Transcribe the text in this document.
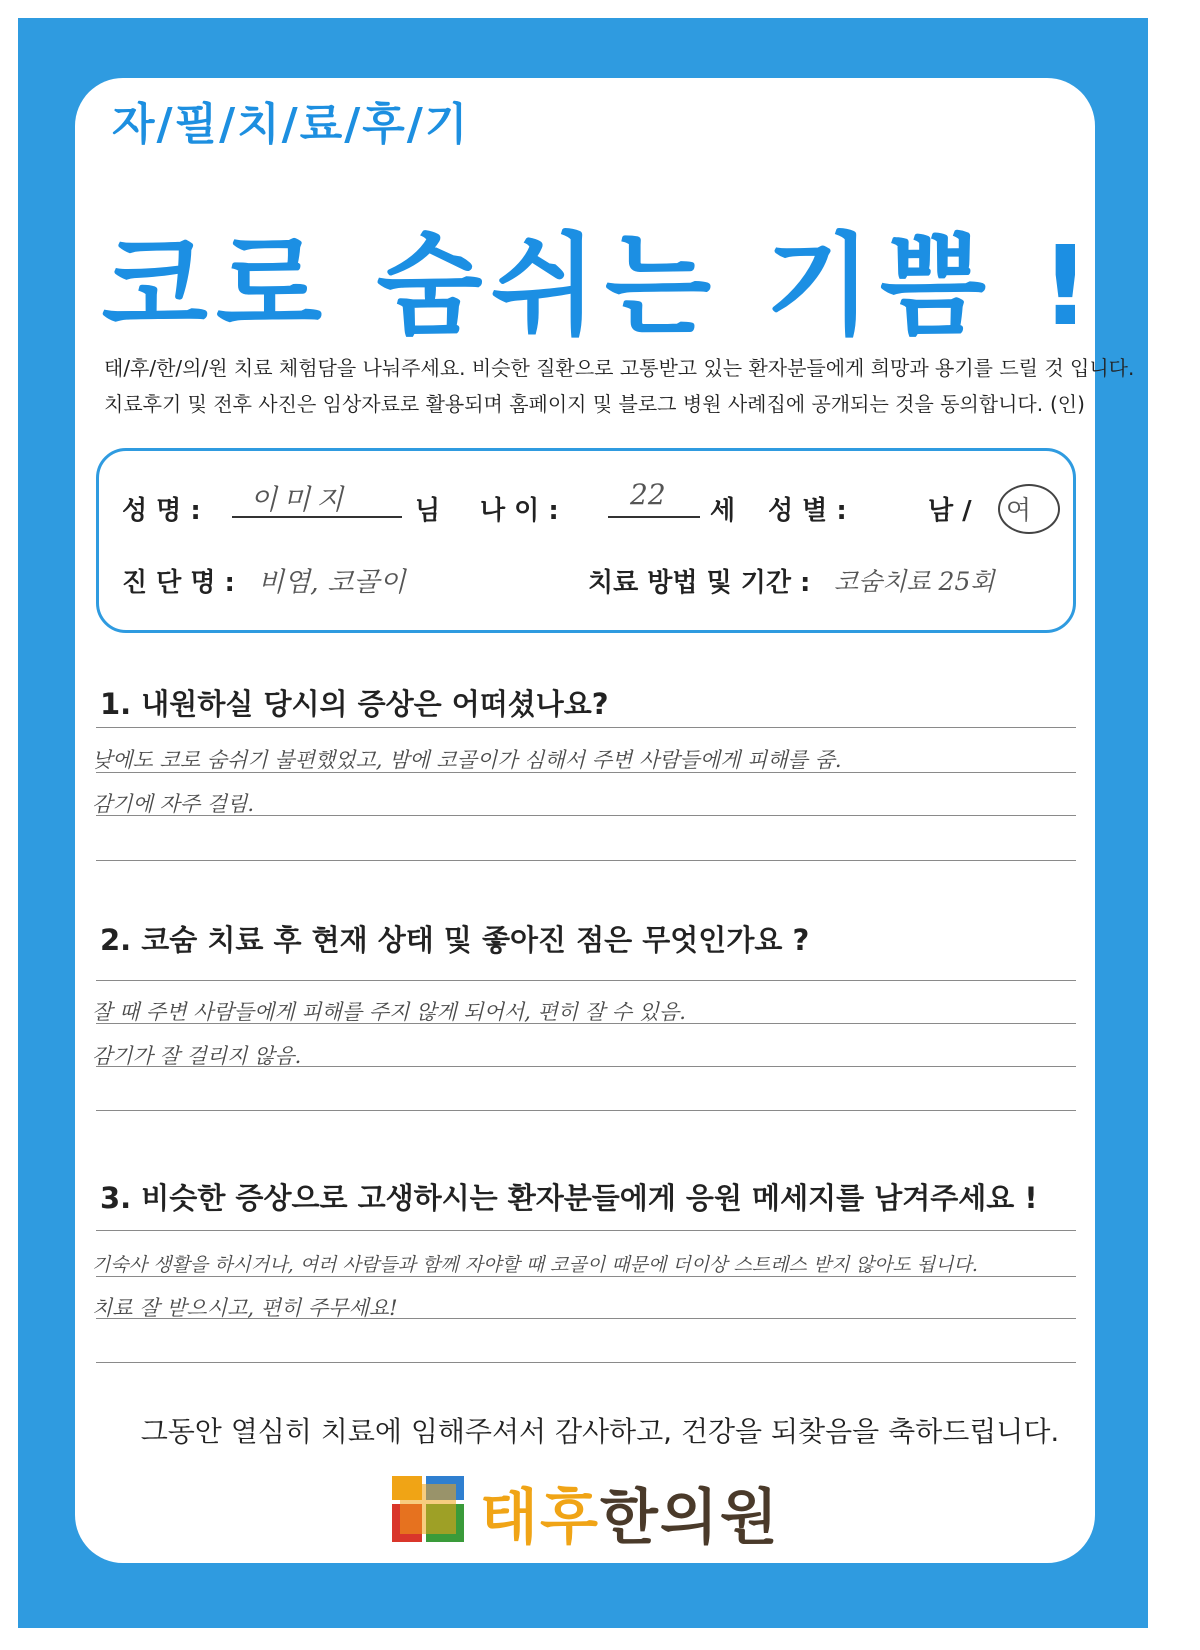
자/필/치/료/후/기
코로 숨쉬는 기쁨 !
태/후/한/의/원 치료 체험담을 나눠주세요. 비슷한 질환으로 고통받고 있는 환자분들에게 희망과 용기를 드릴 것 입니다.
치료후기 및 전후 사진은 임상자료로 활용되며 홈페이지 및 블로그 병원 사례집에 공개되는 것을 동의합니다. (인)
성 명 : 이미지	님 나 이 :	22 세 성 별 :	남 / 여
진 단 명 : 비염, 코골이	치료 방법 및 기간 : 코숨치료 25회
1. 내원하실 당시의 증상은 어떠셨나요?
낮에도 코로 숨쉬기 불편했었고, 밤에 코골이가 심해서 주변 사람들에게 피해를 줌.
감기에 자주 걸림.
2. 코숨 치료 후 현재 상태 및 좋아진 점은 무엇인가요 ?
잘 때 주변 사람들에게 피해를 주지 않게 되어서, 편히 잘 수 있음.
감기가 잘 걸리지 않음.
3. 비슷한 증상으로 고생하시는 환자분들에게 응원 메세지를 남겨주세요 !
기숙사 생활을 하시거나, 여러 사람들과 함께 자야할 때 코골이 때문에 더이상 스트레스 받지 않아도 됩니다.
치료 잘 받으시고, 편히 주무세요!
그동안 열심히 치료에 임해주셔서 감사하고, 건강을 되찾음을 축하드립니다.
태후한의원
